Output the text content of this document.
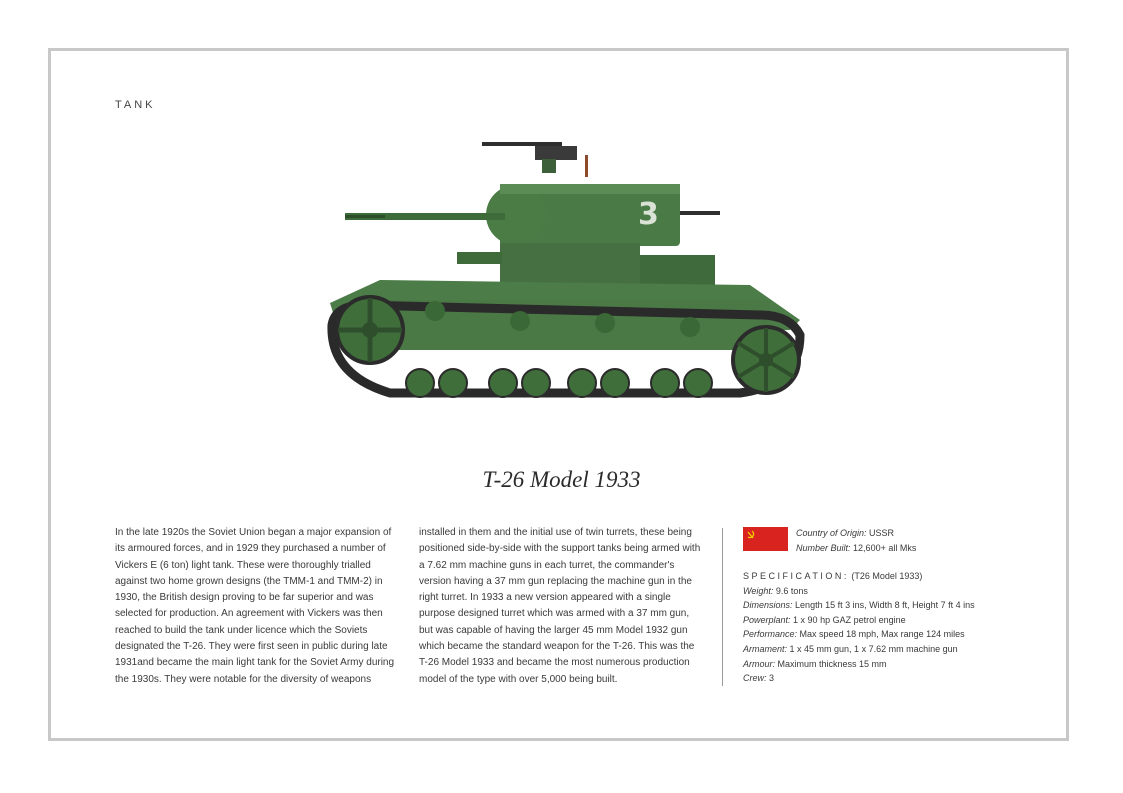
TANK
3
T-26 Model 1933
In the late 1920s the Soviet Union began a major expansion of its armoured forces, and in 1929 they purchased a number of Vickers E (6 ton) light tank. These were thoroughly trialled against two home grown designs (the TMM-1 and TMM-2) in 1930, the British design proving to be far superior and was selected for production. An agreement with Vickers was then reached to build the tank under licence which the Soviets designated the T-26. They were first seen in public during late 1931and became the main light tank for the Soviet Army during the 1930s. They were notable for the diversity of weapons
installed in them and the initial use of twin turrets, these being positioned side-by-side with the support tanks being armed with a 7.62 mm machine guns in each turret, the commander's version having a 37 mm gun replacing the machine gun in the right turret. In 1933 a new version appeared with a single purpose designed turret which was armed with a 37 mm gun, but was capable of having the larger 45 mm Model 1932 gun which became the standard weapon for the T-26. This was the T-26 Model 1933 and became the most numerous production model of the type with over 5,000 being built.
Country of Origin: USSR
Number Built: 12,600+ all Mks
SPECIFICATION: (T26 Model 1933)
Weight: 9.6 tons
Dimensions: Length 15 ft 3 ins, Width 8 ft, Height 7 ft 4 ins
Powerplant: 1 x 90 hp GAZ petrol engine
Performance: Max speed 18 mph, Max range 124 miles
Armament: 1 x 45 mm gun, 1 x 7.62 mm machine gun
Armour: Maximum thickness 15 mm
Crew: 3
